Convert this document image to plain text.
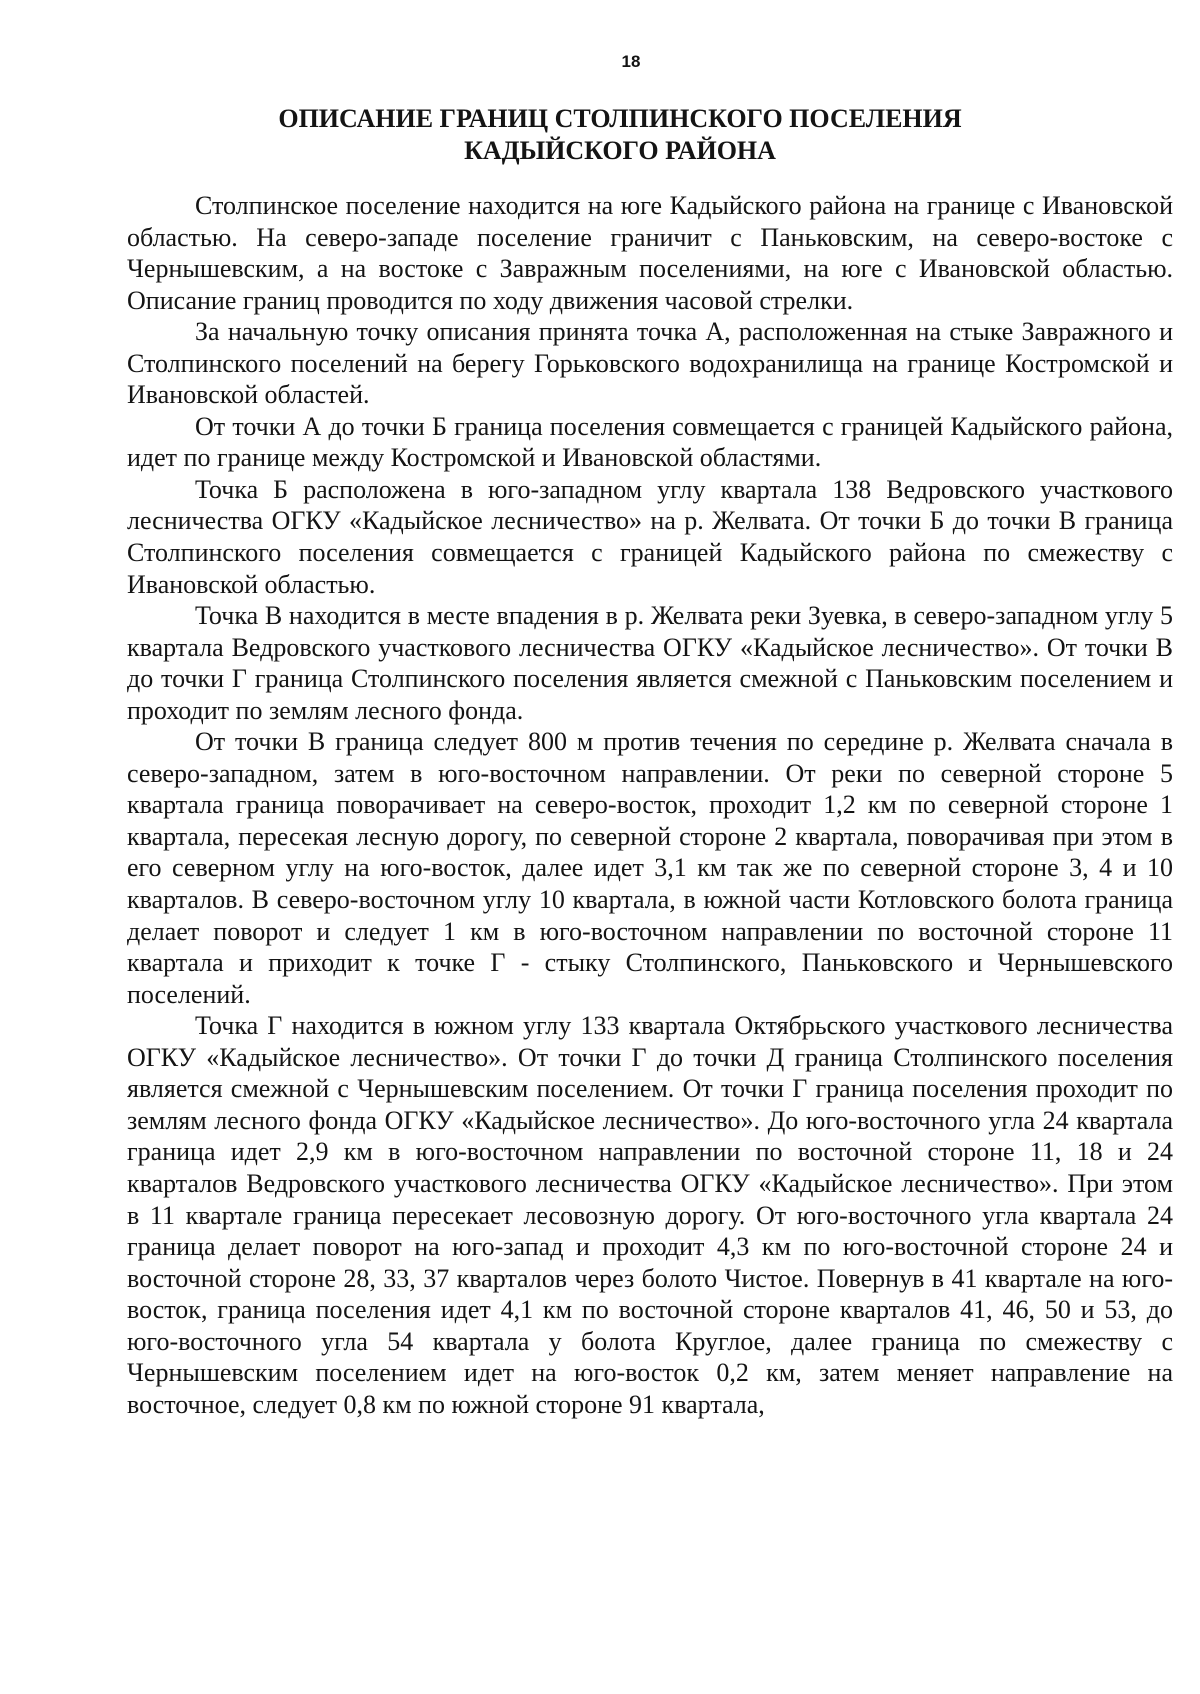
18
ОПИСАНИЕ ГРАНИЦ СТОЛПИНСКОГО ПОСЕЛЕНИЯ
КАДЫЙСКОГО РАЙОНА

Столпинское поселение находится на юге Кадыйского района на границе с Ивановской областью. На северо-западе поселение граничит с Паньковским, на северо-востоке с Чернышевским, а на востоке с Завражным поселениями, на юге с Ивановской областью. Описание границ проводится по ходу движения часовой стрелки.

За начальную точку описания принята точка А, расположенная на стыке Завражного и Столпинского поселений на берегу Горьковского водохранилища на границе Костромской и Ивановской областей.

От точки А до точки Б граница поселения совмещается с границей Кадыйского района, идет по границе между Костромской и Ивановской областями.

Точка Б расположена в юго-западном углу квартала 138 Ведровского участкового лесничества ОГКУ «Кадыйское лесничество» на р. Желвата. От точки Б до точки В граница Столпинского поселения совмещается с границей Кадыйского района по смежеству с Ивановской областью.

Точка В находится в месте впадения в р. Желвата реки Зуевка, в северо-западном углу 5 квартала Ведровского участкового лесничества ОГКУ «Кадыйское лесничество». От точки В до точки Г граница Столпинского поселения является смежной с Паньковским поселением и проходит по землям лесного фонда.

От точки В граница следует 800 м против течения по середине р. Желвата сначала в северо-западном, затем в юго-восточном направлении. От реки по северной стороне 5 квартала граница поворачивает на северо-восток, проходит 1,2 км по северной стороне 1 квартала, пересекая лесную дорогу, по северной стороне 2 квартала, поворачивая при этом в его северном углу на юго-восток, далее идет 3,1 км так же по северной стороне 3, 4 и 10 кварталов. В северо-восточном углу 10 квартала, в южной части Котловского болота граница делает поворот и следует 1 км в юго-восточном направлении по восточной стороне 11 квартала и приходит к точке Г - стыку Столпинского, Паньковского и Чернышевского поселений.

Точка Г находится в южном углу 133 квартала Октябрьского участкового лесничества ОГКУ «Кадыйское лесничество». От точки Г до точки Д граница Столпинского поселения является смежной с Чернышевским поселением. От точки Г граница поселения проходит по землям лесного фонда ОГКУ «Кадыйское лесничество». До юго-восточного угла 24 квартала граница идет 2,9 км в юго-восточном направлении по восточной стороне 11, 18 и 24 кварталов Ведровского участкового лесничества ОГКУ «Кадыйское лесничество». При этом в 11 квартале граница пересекает лесовозную дорогу. От юго-восточного угла квартала 24 граница делает поворот на юго-запад и проходит 4,3 км по юго-восточной стороне 24 и восточной стороне 28, 33, 37 кварталов через болото Чистое. Повернув в 41 квартале на юго-восток, граница поселения идет 4,1 км по восточной стороне кварталов 41, 46, 50 и 53, до юго-восточного угла 54 квартала у болота Круглое, далее граница по смежеству с Чернышевским поселением идет на юго-восток 0,2 км, затем меняет направление на восточное, следует 0,8 км по южной стороне 91 квартала,
